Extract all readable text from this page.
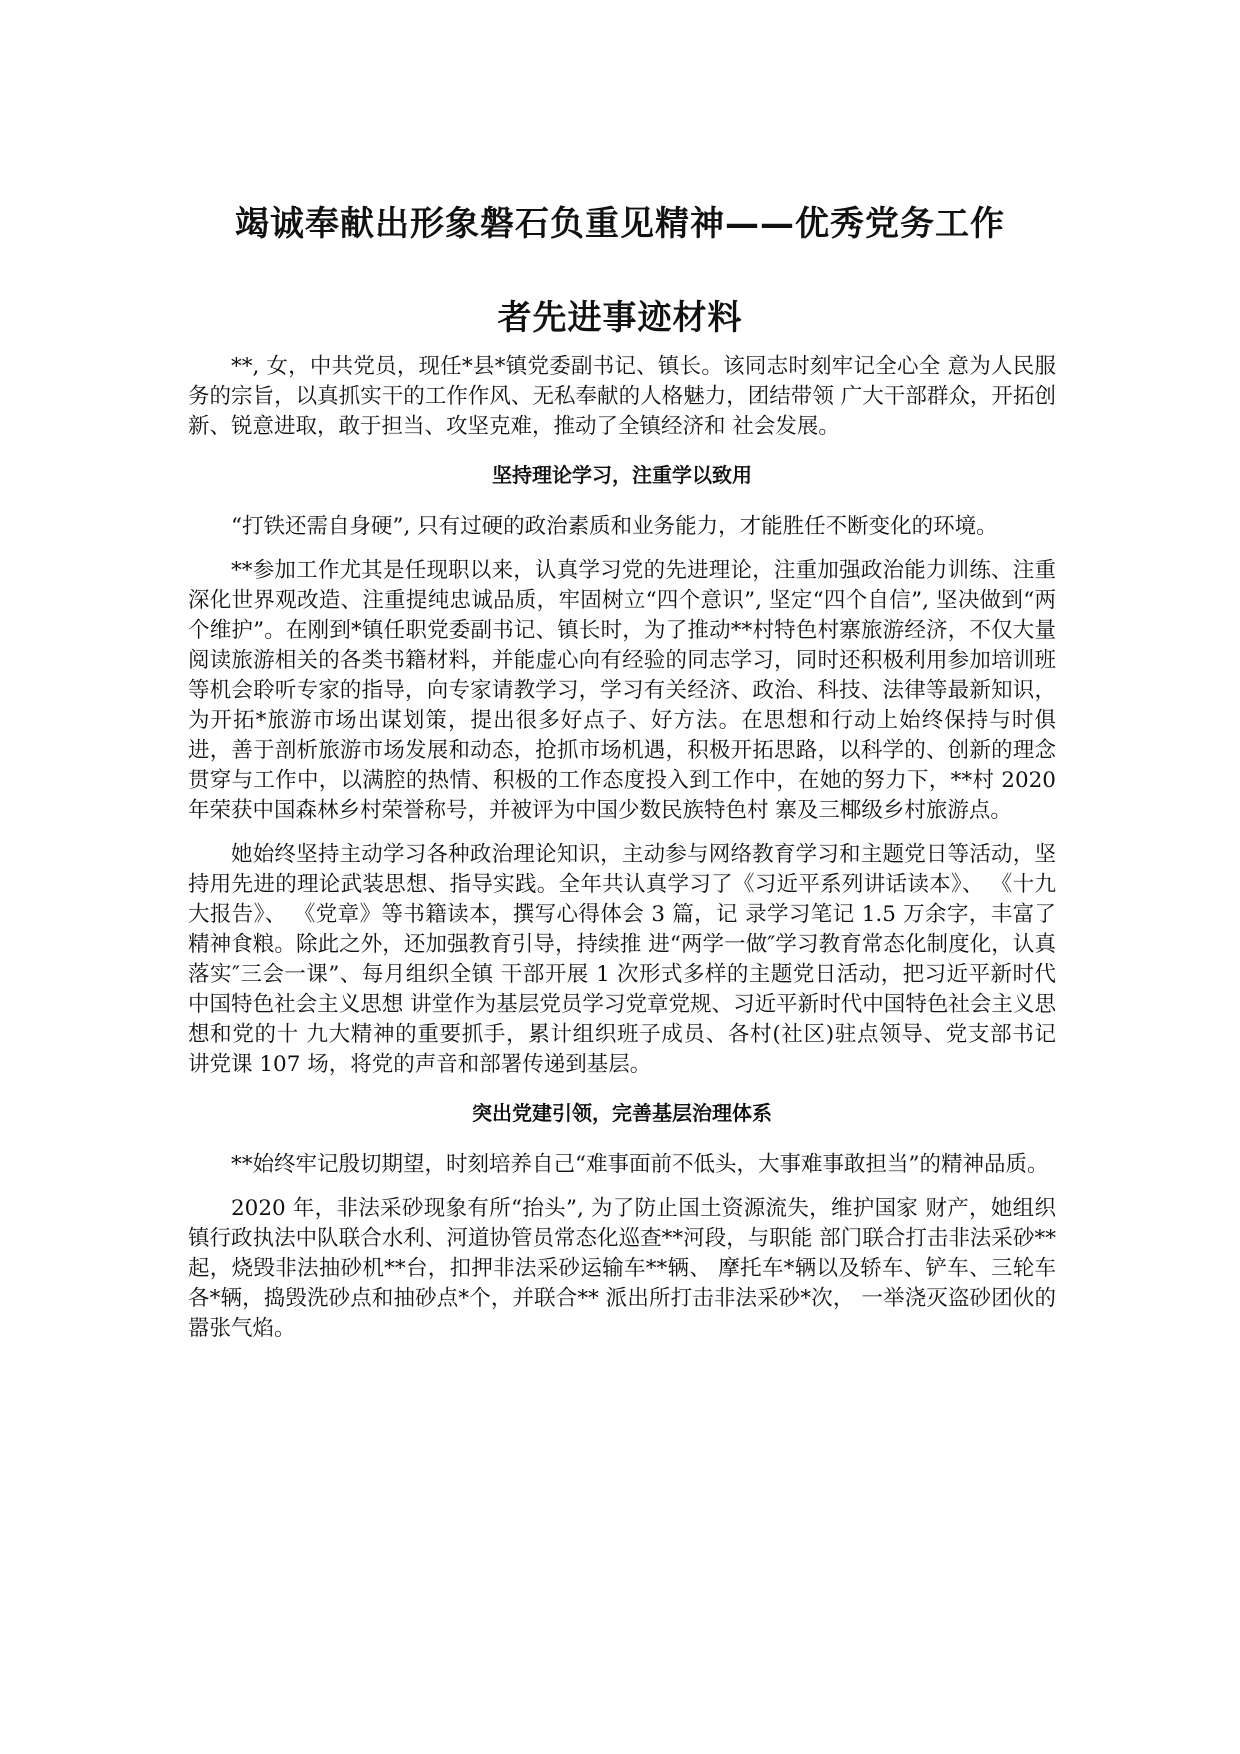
竭诚奉献出形象磐石负重见精神——优秀党务工作
者先进事迹材料

**, 女，中共党员，现任*县*镇党委副书记、镇长。该同志时刻牢记全心全 意为人民服务的宗旨，以真抓实干的工作作风、无私奉献的人格魅力，团结带领 广大干部群众，开拓创新、锐意进取，敢于担当、攻坚克难，推动了全镇经济和 社会发展。

坚持理论学习，注重学以致用

“打铁还需自身硬”, 只有过硬的政治素质和业务能力，才能胜任不断变化的环境。

**参加工作尤其是任现职以来，认真学习党的先进理论，注重加强政治能力训练、注重深化世界观改造、注重提纯忠诚品质，牢固树立“四个意识”, 坚定“四个自信”, 坚决做到“两个维护”。在刚到*镇任职党委副书记、镇长时，为了推动**村特色村寨旅游经济，不仅大量阅读旅游相关的各类书籍材料，并能虚心向有经验的同志学习，同时还积极利用参加培训班等机会聆听专家的指导，向专家请教学习，学习有关经济、政治、科技、法律等最新知识，为开拓*旅游市场出谋划策，提出很多好点子、好方法。在思想和行动上始终保持与时俱进，善于剖析旅游市场发展和动态，抢抓市场机遇，积极开拓思路，以科学的、创新的理念贯穿与工作中，以满腔的热情、积极的工作态度投入到工作中，在她的努力下，**村 2020 年荣获中国森林乡村荣誉称号，并被评为中国少数民族特色村 寨及三椰级乡村旅游点。

她始终坚持主动学习各种政治理论知识，主动参与网络教育学习和主题党日等活动，坚持用先进的理论武装思想、指导实践。全年共认真学习了《习近平系列讲话读本》、 《十九大报告》、 《党章》等书籍读本，撰写心得体会 3 篇，记 录学习笔记 1.5 万余字，丰富了精神食粮。除此之外，还加强教育引导，持续推 进“两学一做″学习教育常态化制度化，认真落实″三会一课”、每月组织全镇 干部开展 1 次形式多样的主题党日活动，把习近平新时代中国特色社会主义思想 讲堂作为基层党员学习党章党规、习近平新时代中国特色社会主义思想和党的十 九大精神的重要抓手，累计组织班子成员、各村(社区)驻点领导、党支部书记 讲党课 107 场，将党的声音和部署传递到基层。

突出党建引领，完善基层治理体系

**始终牢记殷切期望，时刻培养自己“难事面前不低头，大事难事敢担当”的精神品质。

2020 年，非法采砂现象有所“抬头”, 为了防止国土资源流失，维护国家 财产，她组织镇行政执法中队联合水利、河道协管员常态化巡查**河段，与职能 部门联合打击非法采砂**起，烧毁非法抽砂机**台，扣押非法采砂运输车**辆、 摩托车*辆以及轿车、铲车、三轮车各*辆，捣毁洗砂点和抽砂点*个，并联合** 派出所打击非法采砂*次， 一举浇灭盗砂团伙的嚣张气焰。
